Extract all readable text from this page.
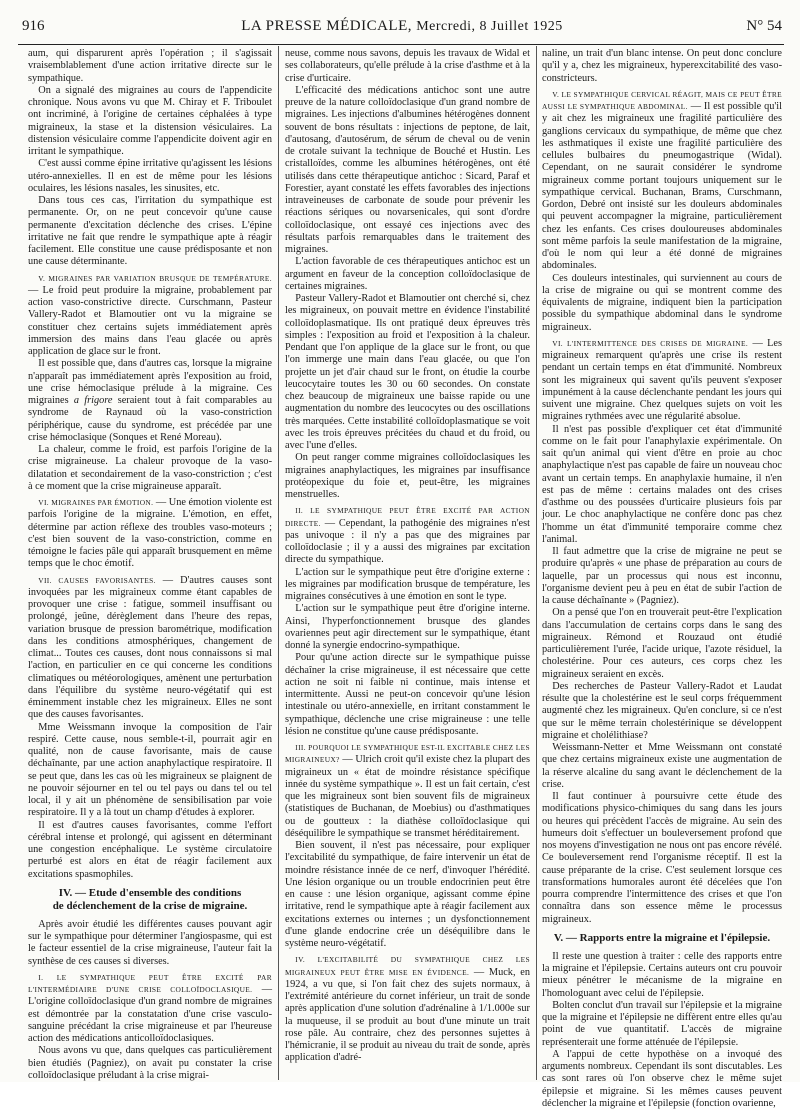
916	LA PRESSE MÉDICALE, Mercredi, 8 Juillet 1925	N° 54

aum, qui disparurent après l'opération ; il s'agissait vraisemblablement d'une action irritative directe sur le sympathique.

On a signalé des migraines au cours de l'appendicite chronique. Nous avons vu que M. Chiray et F. Triboulet ont incriminé, à l'origine de certaines céphalées à type migraineux, la stase et la distension vésiculaires. La distension vésiculaire comme l'appendicite doivent agir en irritant le sympathique.

C'est aussi comme épine irritative qu'agissent les lésions utéro-annexielles. Il en est de même pour les lésions oculaires, les lésions nasales, les sinusites, etc.

Dans tous ces cas, l'irritation du sympathique est permanente. Or, on ne peut concevoir qu'une cause permanente d'excitation déclenche des crises. L'épine irritative ne fait que rendre le sympathique apte à réagir facilement. Elle constitue une cause prédisposante et non une cause déterminante.

V. MIGRAINES PAR VARIATION BRUSQUE DE TEMPÉRATURE. — Le froid peut produire la migraine, probablement par action vaso-constrictive directe. Curschmann, Pasteur Vallery-Radot et Blamoutier ont vu la migraine se constituer chez certains sujets immédiatement après immersion des mains dans l'eau glacée ou après application de glace sur le front.

Il est possible que, dans d'autres cas, lorsque la migraine n'apparaît pas immédiatement après l'exposition au froid, une crise hémoclasique prélude à la migraine. Ces migraines a frigore seraient tout à fait comparables au syndrome de Raynaud où la vaso-constriction périphérique, cause du syndrome, est précédée par une crise hémoclasique (Sonques et René Moreau).

La chaleur, comme le froid, est parfois l'origine de la crise migraineuse. La chaleur provoque de la vaso-dilatation et secondairement de la vaso-constriction ; c'est à ce moment que la crise migraineuse apparaît.

VI. MIGRAINES PAR ÉMOTION. — Une émotion violente est parfois l'origine de la migraine. L'émotion, en effet, détermine par action réflexe des troubles vaso-moteurs ; c'est bien souvent de la vaso-constriction, comme en témoigne le facies pâle qui apparaît brusquement en même temps que le choc émotif.

VII. CAUSES FAVORISANTES. — D'autres causes sont invoquées par les migraineux comme étant capables de provoquer une crise : fatigue, sommeil insuffisant ou prolongé, jeûne, dérèglement dans l'heure des repas, variation brusque de pression barométrique, modification dans les conditions atmosphériques, changement de climat... Toutes ces causes, dont nous connaissons si mal l'action, en particulier en ce qui concerne les conditions climatiques ou météorologiques, amènent une perturbation dans l'équilibre du système neuro-végétatif qui est éminemment instable chez les migraineux. Elles ne sont que des causes favorisantes.

Mme Weissmann invoque la composition de l'air respiré. Cette cause, nous semble-t-il, pourrait agir en qualité, non de cause favorisante, mais de cause déchaînante, par une action anaphylactique respiratoire. Il se peut que, dans les cas où les migraineux se plaignent de ne pouvoir séjourner en tel ou tel pays ou dans tel ou tel local, il y ait un phénomène de sensibilisation par voie respiratoire. Il y a là tout un champ d'études à explorer.

Il est d'autres causes favorisantes, comme l'effort cérébral intense et prolongé, qui agissent en déterminant une congestion encéphalique. Le système circulatoire perturbé est alors en état de réagir facilement aux excitations spasmophiles.

IV. — Etude d'ensemble des conditions
de déclenchement de la crise de migraine.

Après avoir étudié les différentes causes pouvant agir sur le sympathique pour déterminer l'angiospasme, qui est le facteur essentiel de la crise migraineuse, l'auteur fait la synthèse de ces causes si diverses.

I. LE SYMPATHIQUE PEUT ÊTRE EXCITÉ PAR L'INTERMÉDIAIRE D'UNE CRISE COLLOÏDOCLASIQUE. — L'origine colloïdoclasique d'un grand nombre de migraines est démontrée par la constatation d'une crise vasculo-sanguine précédant la crise migraineuse et par l'heureuse action des médications anticolloïdoclasiques.

Nous avons vu que, dans quelques cas particulièrement bien étudiés (Pagniez), on avait pu constater la crise colloïdoclasique préludant à la crise migrai-

neuse, comme nous savons, depuis les travaux de Widal et ses collaborateurs, qu'elle prélude à la crise d'asthme et à la crise d'urticaire.

L'efficacité des médications antichoc sont une autre preuve de la nature colloïdoclasique d'un grand nombre de migraines. Les injections d'albumines hétérogènes donnent souvent de bons résultats : injections de peptone, de lait, d'autosang, d'autosérum, de sérum de cheval ou de venin de crotale suivant la technique de Bouché et Hustin. Les cristalloïdes, comme les albumines hétérogènes, ont été utilisés dans cette thérapeutique antichoc : Sicard, Paraf et Forestier, ayant constaté les effets favorables des injections intraveineuses de carbonate de soude pour prévenir les réactions sériques ou novarsenicales, qui sont d'ordre colloïdoclasique, ont essayé ces injections avec des résultats parfois remarquables dans le traitement des migraines.

L'action favorable de ces thérapeutiques antichoc est un argument en faveur de la conception colloïdoclasique de certaines migraines.

Pasteur Vallery-Radot et Blamoutier ont cherché si, chez les migraineux, on pouvait mettre en évidence l'instabilité colloïdoplasmatique. Ils ont pratiqué deux épreuves très simples : l'exposition au froid et l'exposition à la chaleur. Pendant que l'on applique de la glace sur le front, ou que l'on immerge une main dans l'eau glacée, ou que l'on projette un jet d'air chaud sur le front, on étudie la courbe leucocytaire toutes les 30 ou 60 secondes. On constate chez beaucoup de migraineux une baisse rapide ou une augmentation du nombre des leucocytes ou des oscillations très marquées. Cette instabilité colloïdoplasmatique se voit avec les trois épreuves précitées du chaud et du froid, ou avec l'une d'elles.

On peut ranger comme migraines colloïdoclasiques les migraines anaphylactiques, les migraines par insuffisance protéopexique du foie et, peut-être, les migraines menstruelles.

II. LE SYMPATHIQUE PEUT ÊTRE EXCITÉ PAR ACTION DIRECTE. — Cependant, la pathogénie des migraines n'est pas univoque : il n'y a pas que des migraines par colloïdoclasie ; il y a aussi des migraines par excitation directe du sympathique.

L'action sur le sympathique peut être d'origine externe : les migraines par modification brusque de température, les migraines consécutives à une émotion en sont le type.

L'action sur le sympathique peut être d'origine interne. Ainsi, l'hyperfonctionnement brusque des glandes ovariennes peut agir directement sur le sympathique, étant donné la synergie endocrino-sympathique.

Pour qu'une action directe sur le sympathique puisse déchaîner la crise migraineuse, il est nécessaire que cette action ne soit ni faible ni continue, mais intense et intermittente. Aussi ne peut-on concevoir qu'une lésion intestinale ou utéro-annexielle, en irritant constamment le sympathique, déclenche une crise migraineuse : une telle lésion ne constitue qu'une cause prédisposante.

III. POURQUOI LE SYMPATHIQUE EST-IL EXCITABLE CHEZ LES MIGRAINEUX? — Ulrich croit qu'il existe chez la plupart des migraineux un « état de moindre résistance spécifique innée du système sympathique ». Il est un fait certain, c'est que les migraineux sont bien souvent fils de migraineux (statistiques de Buchanan, de Moebius) ou d'asthmatiques ou de goutteux : la diathèse colloïdoclasique qui déséquilibre le sympathique se transmet héréditairement.

Bien souvent, il n'est pas nécessaire, pour expliquer l'excitabilité du sympathique, de faire intervenir un état de moindre résistance innée de ce nerf, d'invoquer l'hérédité. Une lésion organique ou un trouble endocrinien peut être en cause : une lésion organique, agissant comme épine irritative, rend le sympathique apte à réagir facilement aux excitations externes ou internes ; un dysfonctionnement d'une glande endocrine crée un déséquilibre dans le système neuro-végétatif.

IV. L'EXCITABILITÉ DU SYMPATHIQUE CHEZ LES MIGRAINEUX PEUT ÊTRE MISE EN ÉVIDENCE. — Muck, en 1924, a vu que, si l'on fait chez des sujets normaux, à l'extrémité antérieure du cornet inférieur, un trait de sonde après application d'une solution d'adrénaline à 1/1.000e sur la muqueuse, il se produit au bout d'une minute un trait rose pâle. Au contraire, chez des personnes sujettes à l'hémicranie, il se produit au niveau du trait de sonde, après application d'adré-

naline, un trait d'un blanc intense. On peut donc conclure qu'il y a, chez les migraineux, hyperexcitabilité des vaso-constricteurs.

V. LE SYMPATHIQUE CERVICAL RÉAGIT, MAIS CE PEUT ÊTRE AUSSI LE SYMPATHIQUE ABDOMINAL. — Il est possible qu'il y ait chez les migraineux une fragilité particulière des ganglions cervicaux du sympathique, de même que chez les asthmatiques il existe une fragilité particulière des cellules bulbaires du pneumogastrique (Widal). Cependant, on ne saurait considérer le syndrome migraineux comme portant toujours uniquement sur le sympathique cervical. Buchanan, Brams, Curschmann, Gordon, Debré ont insisté sur les douleurs abdominales qui peuvent accompagner la migraine, particulièrement chez les enfants. Ces crises douloureuses abdominales sont même parfois la seule manifestation de la migraine, d'où le nom qui leur a été donné de migraines abdominales.

Ces douleurs intestinales, qui surviennent au cours de la crise de migraine ou qui se montrent comme des équivalents de migraine, indiquent bien la participation possible du sympathique abdominal dans le syndrome migraineux.

VI. L'INTERMITTENCE DES CRISES DE MIGRAINE. — Les migraineux remarquent qu'après une crise ils restent pendant un certain temps en état d'immunité. Nombreux sont les migraineux qui savent qu'ils peuvent s'exposer impunément à la cause déclenchante pendant les jours qui suivent une migraine. Chez quelques sujets on voit les migraines rythmées avec une régularité absolue.

Il n'est pas possible d'expliquer cet état d'immunité comme on le fait pour l'anaphylaxie expérimentale. On sait qu'un animal qui vient d'être en proie au choc anaphylactique n'est pas capable de faire un nouveau choc avant un certain temps. En anaphylaxie humaine, il n'en est pas de même : certains malades ont des crises d'asthme ou des poussées d'urticaire plusieurs fois par jour. Le choc anaphylactique ne confère donc pas chez l'homme un état d'immunité temporaire comme chez l'animal.

Il faut admettre que la crise de migraine ne peut se produire qu'après « une phase de préparation au cours de laquelle, par un processus qui nous est inconnu, l'organisme devient peu à peu en état de subir l'action de la cause déchaînante » (Pagniez).

On a pensé que l'on en trouverait peut-être l'explication dans l'accumulation de certains corps dans le sang des migraineux. Rémond et Rouzaud ont étudié particulièrement l'urée, l'acide urique, l'azote résiduel, la cholestérine. Pour ces auteurs, ces corps chez les migraineux seraient en excès.

Des recherches de Pasteur Vallery-Radot et Laudat résulte que la cholestérine est le seul corps fréquemment augmenté chez les migraineux. Qu'en conclure, si ce n'est que sur le même terrain cholestérinique se développent migraine et cholélithiase?

Weissmann-Netter et Mme Weissmann ont constaté que chez certains migraineux existe une augmentation de la réserve alcaline du sang avant le déclenchement de la crise.

Il faut continuer à poursuivre cette étude des modifications physico-chimiques du sang dans les jours ou heures qui précèdent l'accès de migraine. Au sein des humeurs doit s'effectuer un bouleversement profond que nos moyens d'investigation ne nous ont pas encore révélé. Ce bouleversement rend l'organisme réceptif. Il est la cause préparante de la crise. C'est seulement lorsque ces transformations humorales auront été décelées que l'on pourra comprendre l'intermittence des crises et que l'on connaîtra dans son essence même le processus migraineux.

V. — Rapports entre la migraine et l'épilepsie.

Il reste une question à traiter : celle des rapports entre la migraine et l'épilepsie. Certains auteurs ont cru pouvoir mieux pénétrer le mécanisme de la migraine en l'homologuant avec celui de l'épilepsie.

Bolten conclut d'un travail sur l'épilepsie et la migraine que la migraine et l'épilepsie ne diffèrent entre elles qu'au point de vue quantitatif. L'accès de migraine représenterait une forme atténuée de l'épilepsie.

A l'appui de cette hypothèse on a invoqué des arguments nombreux. Cependant ils sont discutables. Les cas sont rares où l'on observe chez le même sujet épilepsie et migraine. Si les mêmes causes peuvent déclencher la migraine et l'épilepsie (fonction ovarienne,
